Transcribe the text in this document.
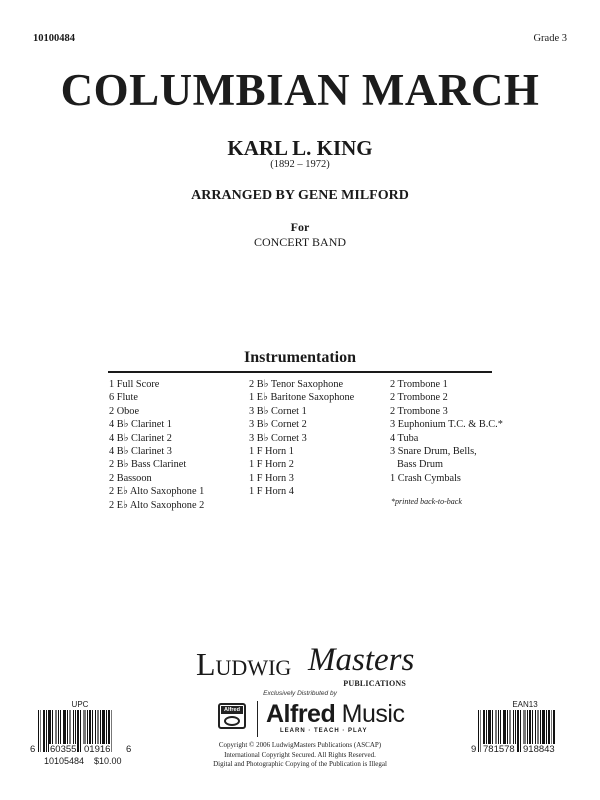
10100484	Grade 3
COLUMBIAN MARCH
KARL L. KING
(1892 – 1972)
ARRANGED BY GENE MILFORD
For
CONCERT BAND
Instrumentation
1 Full Score
6 Flute
2 Oboe
4 B♭ Clarinet 1
4 B♭ Clarinet 2
4 B♭ Clarinet 3
2 B♭ Bass Clarinet
2 Bassoon
2 E♭ Alto Saxophone 1
2 E♭ Alto Saxophone 2
2 B♭ Tenor Saxophone
1 E♭ Baritone Saxophone
3 B♭ Cornet 1
3 B♭ Cornet 2
3 B♭ Cornet 3
1 F Horn 1
1 F Horn 2
1 F Horn 3
1 F Horn 4
2 Trombone 1
2 Trombone 2
2 Trombone 3
3 Euphonium T.C. & B.C.*
4 Tuba
3 Snare Drum, Bells,
Bass Drum
1 Crash Cymbals
*printed back-to-back
LUDWIG Masters
PUBLICATIONS
Exclusively Distributed by
Alfred Alfred Music
LEARN · TEACH · PLAY
Copyright © 2006 LudwigMasters Publications (ASCAP)
International Copyright Secured. All Rights Reserved.
Digital and Photographic Copying of the Publication is Illegal
UPC
6 60355 01916 6
10105484 $10.00
EAN13
9 781578 918843
